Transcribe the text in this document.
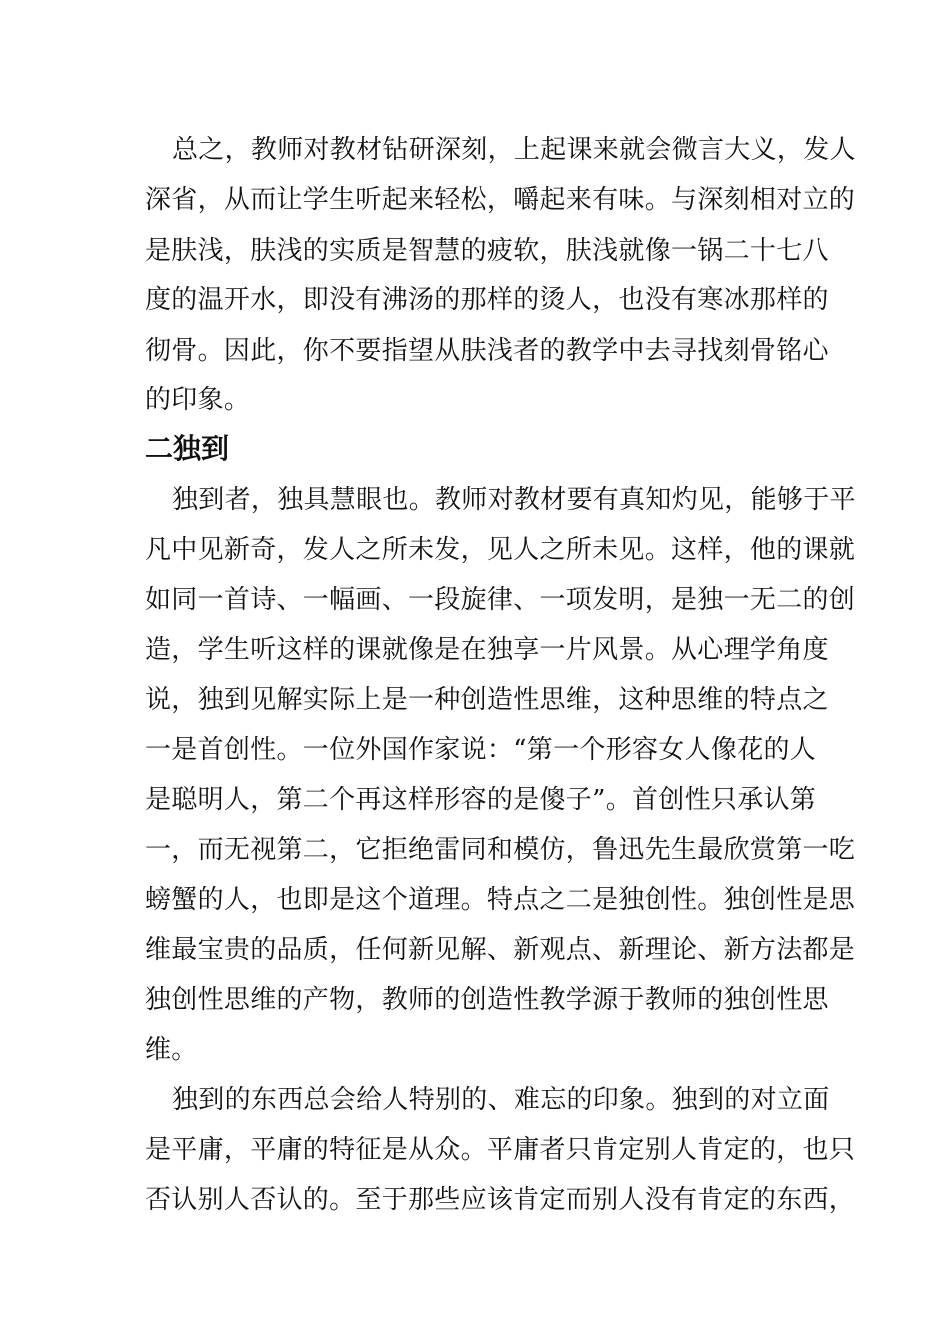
总之，教师对教材钻研深刻，上起课来就会微言大义，发人
深省，从而让学生听起来轻松，嚼起来有味。与深刻相对立的
是肤浅，肤浅的实质是智慧的疲软，肤浅就像一锅二十七八
度的温开水，即没有沸汤的那样的烫人，也没有寒冰那样的
彻骨。因此，你不要指望从肤浅者的教学中去寻找刻骨铭心
的印象。
二独到
独到者，独具慧眼也。教师对教材要有真知灼见，能够于平
凡中见新奇，发人之所未发，见人之所未见。这样，他的课就
如同一首诗、一幅画、一段旋律、一项发明，是独一无二的创
造，学生听这样的课就像是在独享一片风景。从心理学角度
说，独到见解实际上是一种创造性思维，这种思维的特点之
一是首创性。一位外国作家说：“第一个形容女人像花的人
是聪明人，第二个再这样形容的是傻子”。首创性只承认第
一，而无视第二，它拒绝雷同和模仿，鲁迅先生最欣赏第一吃
螃蟹的人，也即是这个道理。特点之二是独创性。独创性是思
维最宝贵的品质，任何新见解、新观点、新理论、新方法都是
独创性思维的产物，教师的创造性教学源于教师的独创性思
维。
独到的东西总会给人特别的、难忘的印象。独到的对立面
是平庸，平庸的特征是从众。平庸者只肯定别人肯定的，也只
否认别人否认的。至于那些应该肯定而别人没有肯定的东西，
